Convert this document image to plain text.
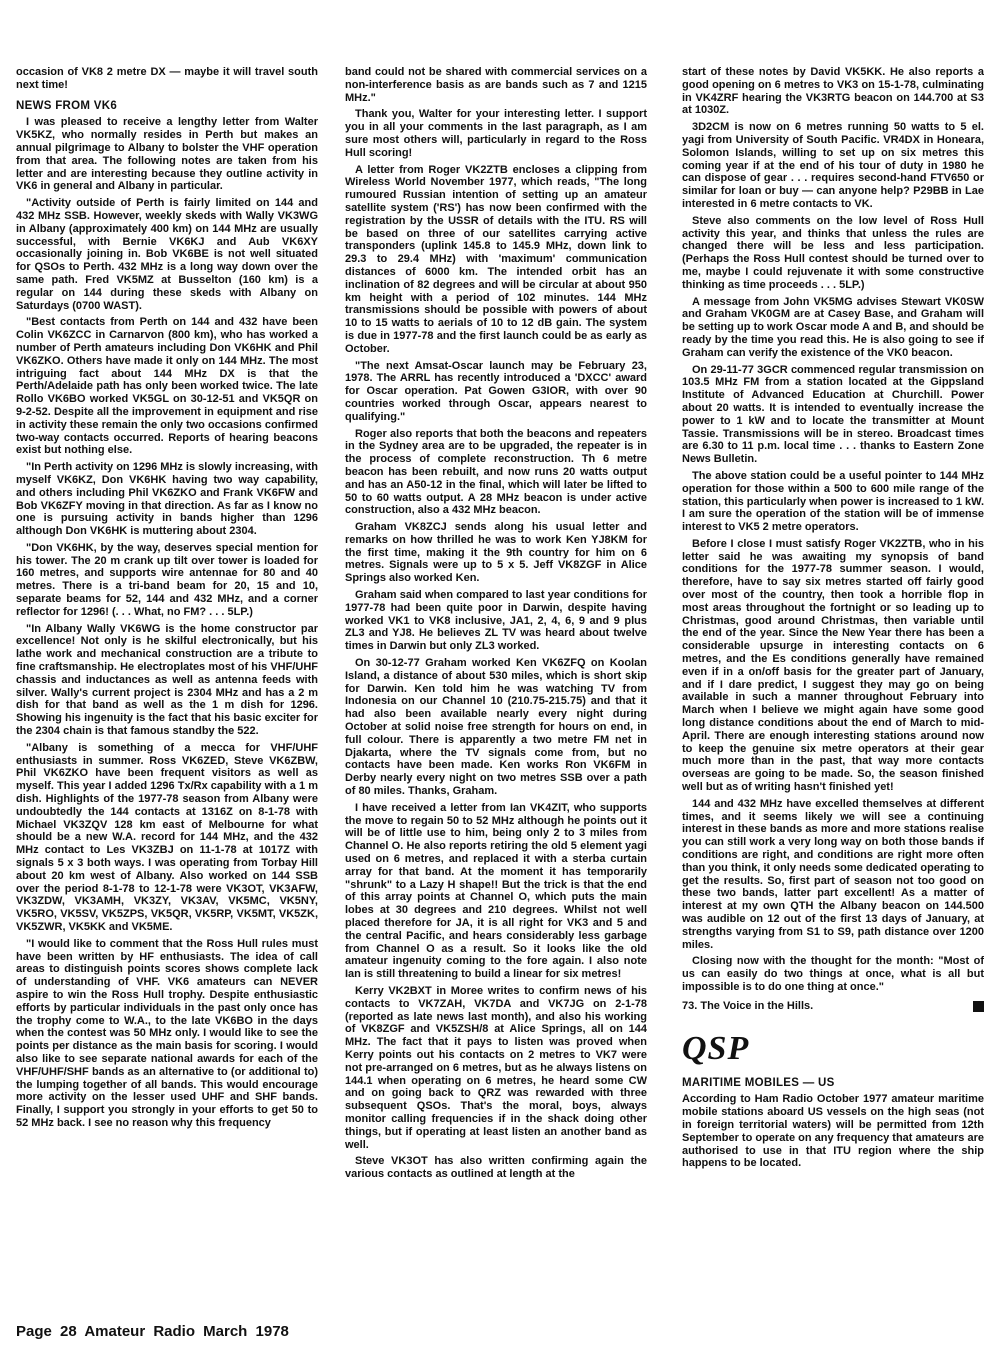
occasion of VK8 2 metre DX — maybe it will travel south next time!

NEWS FROM VK6

I was pleased to receive a lengthy letter from Walter VK5KZ, who normally resides in Perth but makes an annual pilgrimage to Albany to bolster the VHF operation from that area. The following notes are taken from his letter and are interesting because they outline activity in VK6 in general and Albany in particular.

"Activity outside of Perth is fairly limited on 144 and 432 MHz SSB. However, weekly skeds with Wally VK3WG in Albany (approximately 400 km) on 144 MHz are usually successful, with Bernie VK6KJ and Aub VK6XY occasionally joining in. Bob VK6BE is not well situated for QSOs to Perth. 432 MHz is a long way down over the same path. Fred VK5MZ at Busselton (160 km) is a regular on 144 during these skeds with Albany on Saturdays (0700 WAST).

"Best contacts from Perth on 144 and 432 have been Colin VK6ZCC in Carnarvon (800 km), who has worked a number of Perth amateurs including Don VK6HK and Phil VK6ZKO. Others have made it only on 144 MHz. The most intriguing fact about 144 MHz DX is that the Perth/Adelaide path has only been worked twice. The late Rollo VK6BO worked VK5GL on 30-12-51 and VK5QR on 9-2-52. Despite all the improvement in equipment and rise in activity these remain the only two occasions confirmed two-way contacts occurred. Reports of hearing beacons exist but nothing else.

"In Perth activity on 1296 MHz is slowly increasing, with myself VK6KZ, Don VK6HK having two way capability, and others including Phil VK6ZKO and Frank VK6FW and Bob VK6ZFY moving in that direction. As far as I know no one is pursuing activity in bands higher than 1296 although Don VK6HK is muttering about 2304.

"Don VK6HK, by the way, deserves special mention for his tower. The 20 m crank up tilt over tower is loaded for 160 metres, and supports wire antennae for 80 and 40 metres. There is a tri-band beam for 20, 15 and 10, separate beams for 52, 144 and 432 MHz, and a corner reflector for 1296! (. . . What, no FM? . . . 5LP.)

"In Albany Wally VK6WG is the home constructor par excellence! Not only is he skilful electronically, but his lathe work and mechanical construction are a tribute to fine craftsmanship. He electroplates most of his VHF/UHF chassis and inductances as well as antenna feeds with silver. Wally's current project is 2304 MHz and has a 2 m dish for that band as well as the 1 m dish for 1296. Showing his ingenuity is the fact that his basic exciter for the 2304 chain is that famous standby the 522.

"Albany is something of a mecca for VHF/UHF enthusiasts in summer. Ross VK6ZED, Steve VK6ZBW, Phil VK6ZKO have been frequent visitors as well as myself. This year I added 1296 Tx/Rx capability with a 1 m dish. Highlights of the 1977-78 season from Albany were undoubtedly the 144 contacts at 1316Z on 8-1-78 with Michael VK3ZQV 128 km east of Melbourne for what should be a new W.A. record for 144 MHz, and the 432 MHz contact to Les VK3ZBJ on 11-1-78 at 1017Z with signals 5 x 3 both ways. I was operating from Torbay Hill about 20 km west of Albany. Also worked on 144 SSB over the period 8-1-78 to 12-1-78 were VK3OT, VK3AFW, VK3ZDW, VK3AMH, VK3ZY, VK3AV, VK5MC, VK5NY, VK5RO, VK5SV, VK5ZPS, VK5QR, VK5RP, VK5MT, VK5ZK, VK5ZWR, VK5KK and VK5ME.

"I would like to comment that the Ross Hull rules must have been written by HF enthusiasts. The idea of call areas to distinguish points scores shows complete lack of understanding of VHF. VK6 amateurs can NEVER aspire to win the Ross Hull trophy. Despite enthusiastic efforts by particular individuals in the past only once has the trophy come to W.A., to the late VK6BO in the days when the contest was 50 MHz only. I would like to see the points per distance as the main basis for scoring. I would also like to see separate national awards for each of the VHF/UHF/SHF bands as an alternative to (or additional to) the lumping together of all bands. This would encourage more activity on the lesser used UHF and SHF bands. Finally, I support you strongly in your efforts to get 50 to 52 MHz back. I see no reason why this frequency

band could not be shared with commercial services on a non-interference basis as are bands such as 7 and 1215 MHz."

Thank you, Walter for your interesting letter. I support you in all your comments in the last paragraph, as I am sure most others will, particularly in regard to the Ross Hull scoring!

A letter from Roger VK2ZTB encloses a clipping from Wireless World November 1977, which reads, "The long rumoured Russian intention of setting up an amateur satellite system ('RS') has now been confirmed with the registration by the USSR of details with the ITU. RS will be based on three of our satellites carrying active transponders (uplink 145.8 to 145.9 MHz, down link to 29.3 to 29.4 MHz) with 'maximum' communication distances of 6000 km. The intended orbit has an inclination of 82 degrees and will be circular at about 950 km height with a period of 102 minutes. 144 MHz transmissions should be possible with powers of about 10 to 15 watts to aerials of 10 to 12 dB gain. The system is due in 1977-78 and the first launch could be as early as October.

"The next Amsat-Oscar launch may be February 23, 1978. The ARRL has recently introduced a 'DXCC' award for Oscar operation. Pat Gowen G3IOR, with over 90 countries worked through Oscar, appears nearest to qualifying."

Roger also reports that both the beacons and repeaters in the Sydney area are to be upgraded, the repeater is in the process of complete reconstruction. Th 6 metre beacon has been rebuilt, and now runs 20 watts output and has an A50-12 in the final, which will later be lifted to 50 to 60 watts output. A 28 MHz beacon is under active construction, also a 432 MHz beacon.

Graham VK8ZCJ sends along his usual letter and remarks on how thrilled he was to work Ken YJ8KM for the first time, making it the 9th country for him on 6 metres. Signals were up to 5 x 5. Jeff VK8ZGF in Alice Springs also worked Ken.

Graham said when compared to last year conditions for 1977-78 had been quite poor in Darwin, despite having worked VK1 to VK8 inclusive, JA1, 2, 4, 6, 9 and 9 plus ZL3 and YJ8. He believes ZL TV was heard about twelve times in Darwin but only ZL3 worked.

On 30-12-77 Graham worked Ken VK6ZFQ on Koolan Island, a distance of about 530 miles, which is short skip for Darwin. Ken told him he was watching TV from Indonesia on our Channel 10 (210.75-215.75) and that it had also been available nearly every night during October at solid noise free strength for hours on end, in full colour. There is apparently a two metre FM net in Djakarta, where the TV signals come from, but no contacts have been made. Ken works Ron VK6FM in Derby nearly every night on two metres SSB over a path of 80 miles. Thanks, Graham.

I have received a letter from Ian VK4ZIT, who supports the move to regain 50 to 52 MHz although he points out it will be of little use to him, being only 2 to 3 miles from Channel O. He also reports retiring the old 5 element yagi used on 6 metres, and replaced it with a sterba curtain array for that band. At the moment it has temporarily "shrunk" to a Lazy H shape!! But the trick is that the end of this array points at Channel O, which puts the main lobes at 30 degrees and 210 degrees. Whilst not well placed therefore for JA, it is all right for VK3 and 5 and the central Pacific, and hears considerably less garbage from Channel O as a result. So it looks like the old amateur ingenuity coming to the fore again. I also note Ian is still threatening to build a linear for six metres!

Kerry VK2BXT in Moree writes to confirm news of his contacts to VK7ZAH, VK7DA and VK7JG on 2-1-78 (reported as late news last month), and also his working of VK8ZGF and VK5ZSH/8 at Alice Springs, all on 144 MHz. The fact that it pays to listen was proved when Kerry points out his contacts on 2 metres to VK7 were not pre-arranged on 6 metres, but as he always listens on 144.1 when operating on 6 metres, he heard some CW and on going back to QRZ was rewarded with three subsequent QSOs. That's the moral, boys, always monitor calling frequencies if in the shack doing other things, but if operating at least listen an another band as well.

Steve VK3OT has also written confirming again the various contacts as outlined at length at the

start of these notes by David VK5KK. He also reports a good opening on 6 metres to VK3 on 15-1-78, culminating in VK4ZRF hearing the VK3RTG beacon on 144.700 at S3 at 1030Z.

3D2CM is now on 6 metres running 50 watts to 5 el. yagi from University of South Pacific. VR4DX in Honeara, Solomon Islands, willing to set up on six metres this coming year if at the end of his tour of duty in 1980 he can dispose of gear . . . requires second-hand FTV650 or similar for loan or buy — can anyone help? P29BB in Lae interested in 6 metre contacts to VK.

Steve also comments on the low level of Ross Hull activity this year, and thinks that unless the rules are changed there will be less and less participation. (Perhaps the Ross Hull contest should be turned over to me, maybe I could rejuvenate it with some constructive thinking as time proceeds . . . 5LP.)

A message from John VK5MG advises Stewart VK0SW and Graham VK0GM are at Casey Base, and Graham will be setting up to work Oscar mode A and B, and should be ready by the time you read this. He is also going to see if Graham can verify the existence of the VK0 beacon.

On 29-11-77 3GCR commenced regular transmission on 103.5 MHz FM from a station located at the Gippsland Institute of Advanced Education at Churchill. Power about 20 watts. It is intended to eventually increase the power to 1 kW and to locate the transmitter at Mount Tassie. Transmissions will be in stereo. Broadcast times are 6.30 to 11 p.m. local time . . . thanks to Eastern Zone News Bulletin.

The above station could be a useful pointer to 144 MHz operation for those within a 500 to 600 mile range of the station, this particularly when power is increased to 1 kW. I am sure the operation of the station will be of immense interest to VK5 2 metre operators.

Before I close I must satisfy Roger VK2ZTB, who in his letter said he was awaiting my synopsis of band conditions for the 1977-78 summer season. I would, therefore, have to say six metres started off fairly good over most of the country, then took a horrible flop in most areas throughout the fortnight or so leading up to Christmas, good around Christmas, then variable until the end of the year. Since the New Year there has been a considerable upsurge in interesting contacts on 6 metres, and the Es conditions generally have remained even if in a on/off basis for the greater part of January, and if I dare predict, I suggest they may go on being available in such a manner throughout February into March when I believe we might again have some good long distance conditions about the end of March to mid-April. There are enough interesting stations around now to keep the genuine six metre operators at their gear much more than in the past, that way more contacts overseas are going to be made. So, the season finished well but as of writing hasn't finished yet!

144 and 432 MHz have excelled themselves at different times, and it seems likely we will see a continuing interest in these bands as more and more stations realise you can still work a very long way on both those bands if conditions are right, and conditions are right more often than you think, it only needs some dedicated operating to get the results. So, first part of season not too good on these two bands, latter part excellent! As a matter of interest at my own QTH the Albany beacon on 144.500 was audible on 12 out of the first 13 days of January, at strengths varying from S1 to S9, path distance over 1200 miles.

Closing now with the thought for the month: "Most of us can easily do two things at once, what is all but impossible is to do one thing at once."

73. The Voice in the Hills.

QSP
MARITIME MOBILES — US

According to Ham Radio October 1977 amateur maritime mobile stations aboard US vessels on the high seas (not in foreign territorial waters) will be permitted from 12th September to operate on any frequency that amateurs are authorised to use in that ITU region where the ship happens to be located.

Page 28 Amateur Radio March 1978
